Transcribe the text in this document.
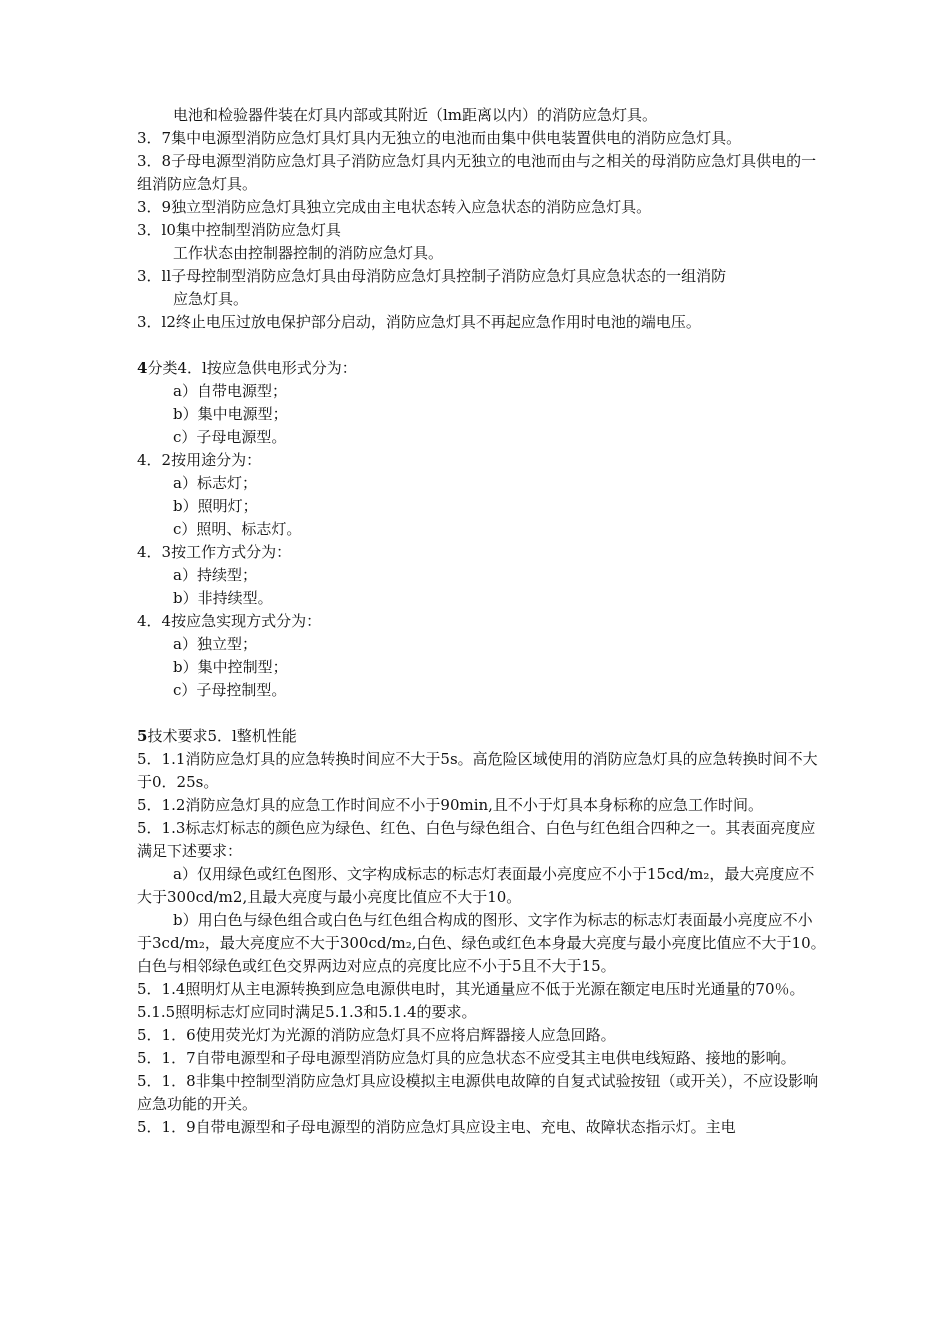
电池和检验器件装在灯具内部或其附近（lm距离以内）的消防应急灯具。

3．7集中电源型消防应急灯具灯具内无独立的电池而由集中供电装置供电的消防应急灯具。

3．8子母电源型消防应急灯具子消防应急灯具内无独立的电池而由与之相关的母消防应急灯具供电的一组消防应急灯具。

3．9独立型消防应急灯具独立完成由主电状态转入应急状态的消防应急灯具。

3．l0集中控制型消防应急灯具

工作状态由控制器控制的消防应急灯具。

3．ll子母控制型消防应急灯具由母消防应急灯具控制子消防应急灯具应急状态的一组消防

应急灯具。

3．l2终止电压过放电保护部分启动，消防应急灯具不再起应急作用时电池的端电压。

4分类4．l按应急供电形式分为：

a）自带电源型；

b）集中电源型；

c）子母电源型。

4．2按用途分为：

a）标志灯；

b）照明灯；

c）照明、标志灯。

4．3按工作方式分为：

a）持续型；

b）非持续型。

4．4按应急实现方式分为：

a）独立型；

b）集中控制型；

c）子母控制型。

5技术要求5．l整机性能

5．1.1消防应急灯具的应急转换时间应不大于5s。高危险区域使用的消防应急灯具的应急转换时间不大于0．25s。

5．1.2消防应急灯具的应急工作时间应不小于90min,且不小于灯具本身标称的应急工作时间。

5．1.3标志灯标志的颜色应为绿色、红色、白色与绿色组合、白色与红色组合四种之一。其表面亮度应满足下述要求：

a）仅用绿色或红色图形、文字构成标志的标志灯表面最小亮度应不小于15cd/m₂，最大亮度应不大于300cd/m2,且最大亮度与最小亮度比值应不大于10。

b）用白色与绿色组合或白色与红色组合构成的图形、文字作为标志的标志灯表面最小亮度应不小于3cd/m₂，最大亮度应不大于300cd/m₂,白色、绿色或红色本身最大亮度与最小亮度比值应不大于10。白色与相邻绿色或红色交界两边对应点的亮度比应不小于5且不大于15。

5．1.4照明灯从主电源转换到应急电源供电时，其光通量应不低于光源在额定电压时光通量的70％。

5.1.5照明标志灯应同时满足5.1.3和5.1.4的要求。

5．1．6使用荧光灯为光源的消防应急灯具不应将启辉器接人应急回路。

5．1．7自带电源型和子母电源型消防应急灯具的应急状态不应受其主电供电线短路、接地的影响。

5．1．8非集中控制型消防应急灯具应设模拟主电源供电故障的自复式试验按钮（或开关），不应设影响应急功能的开关。

5．1．9自带电源型和子母电源型的消防应急灯具应设主电、充电、故障状态指示灯。主电
